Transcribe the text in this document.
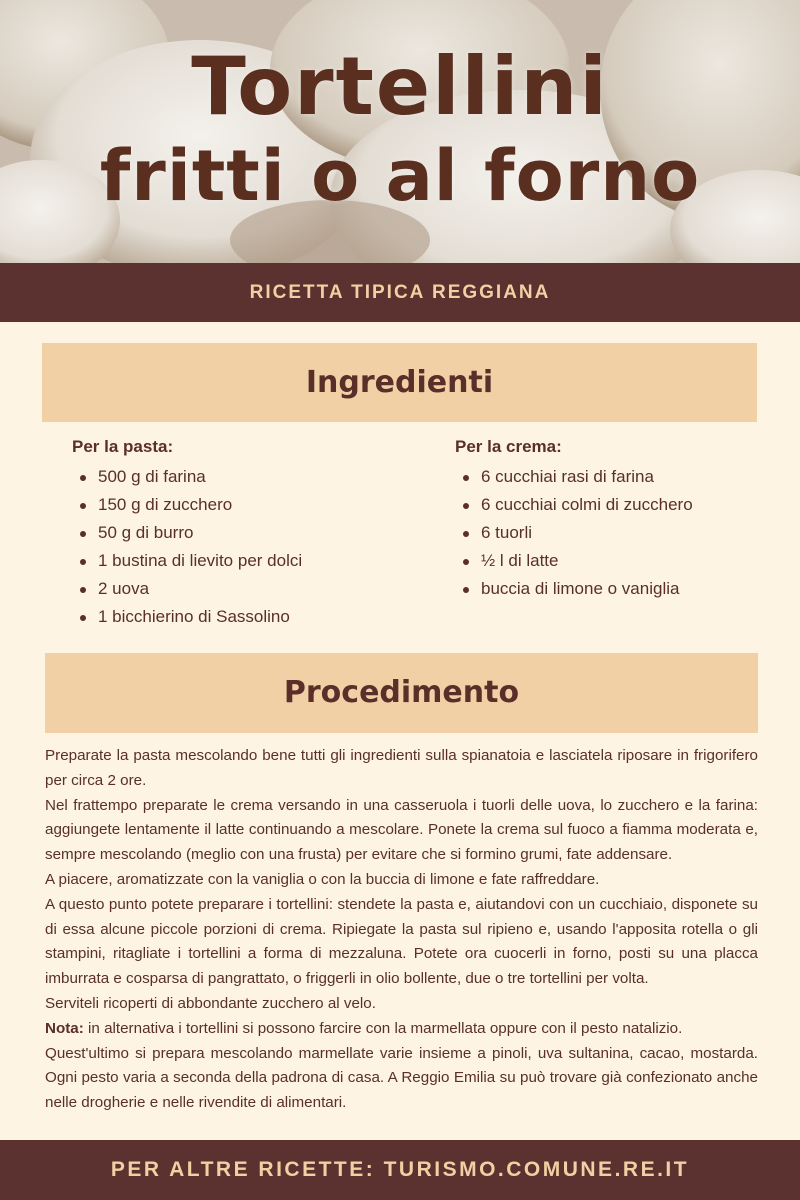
Tortellini
fritti o al forno
RICETTA TIPICA REGGIANA
Ingredienti
Per la pasta:
500 g di farina
150 g di zucchero
50 g di burro
1 bustina di lievito per dolci
2 uova
1 bicchierino di Sassolino
Per la crema:
6 cucchiai rasi di farina
6 cucchiai colmi di zucchero
6 tuorli
½ l di latte
buccia di limone o vaniglia
Procedimento

Preparate la pasta mescolando bene tutti gli ingredienti sulla spianatoia e lasciatela riposare in frigorifero per circa 2 ore.

Nel frattempo preparate le crema versando in una casseruola i tuorli delle uova, lo zucchero e la farina: aggiungete lentamente il latte continuando a mescolare. Ponete la crema sul fuoco a fiamma moderata e, sempre mescolando (meglio con una frusta) per evitare che si formino grumi, fate addensare.

A piacere, aromatizzate con la vaniglia o con la buccia di limone e fate raffreddare.

A questo punto potete preparare i tortellini: stendete la pasta e, aiutandovi con un cucchiaio, disponete su di essa alcune piccole porzioni di crema. Ripiegate la pasta sul ripieno e, usando l'apposita rotella o gli stampini, ritagliate i tortellini a forma di mezzaluna. Potete ora cuocerli in forno, posti su una placca imburrata e cosparsa di pangrattato, o friggerli in olio bollente, due o tre tortellini per volta.

Serviteli ricoperti di abbondante zucchero al velo.

Nota: in alternativa i tortellini si possono farcire con la marmellata oppure con il pesto natalizio.

Quest'ultimo si prepara mescolando marmellate varie insieme a pinoli, uva sultanina, cacao, mostarda. Ogni pesto varia a seconda della padrona di casa. A Reggio Emilia su può trovare già confezionato anche nelle drogherie e nelle rivendite di alimentari.

PER ALTRE RICETTE: TURISMO.COMUNE.RE.IT
